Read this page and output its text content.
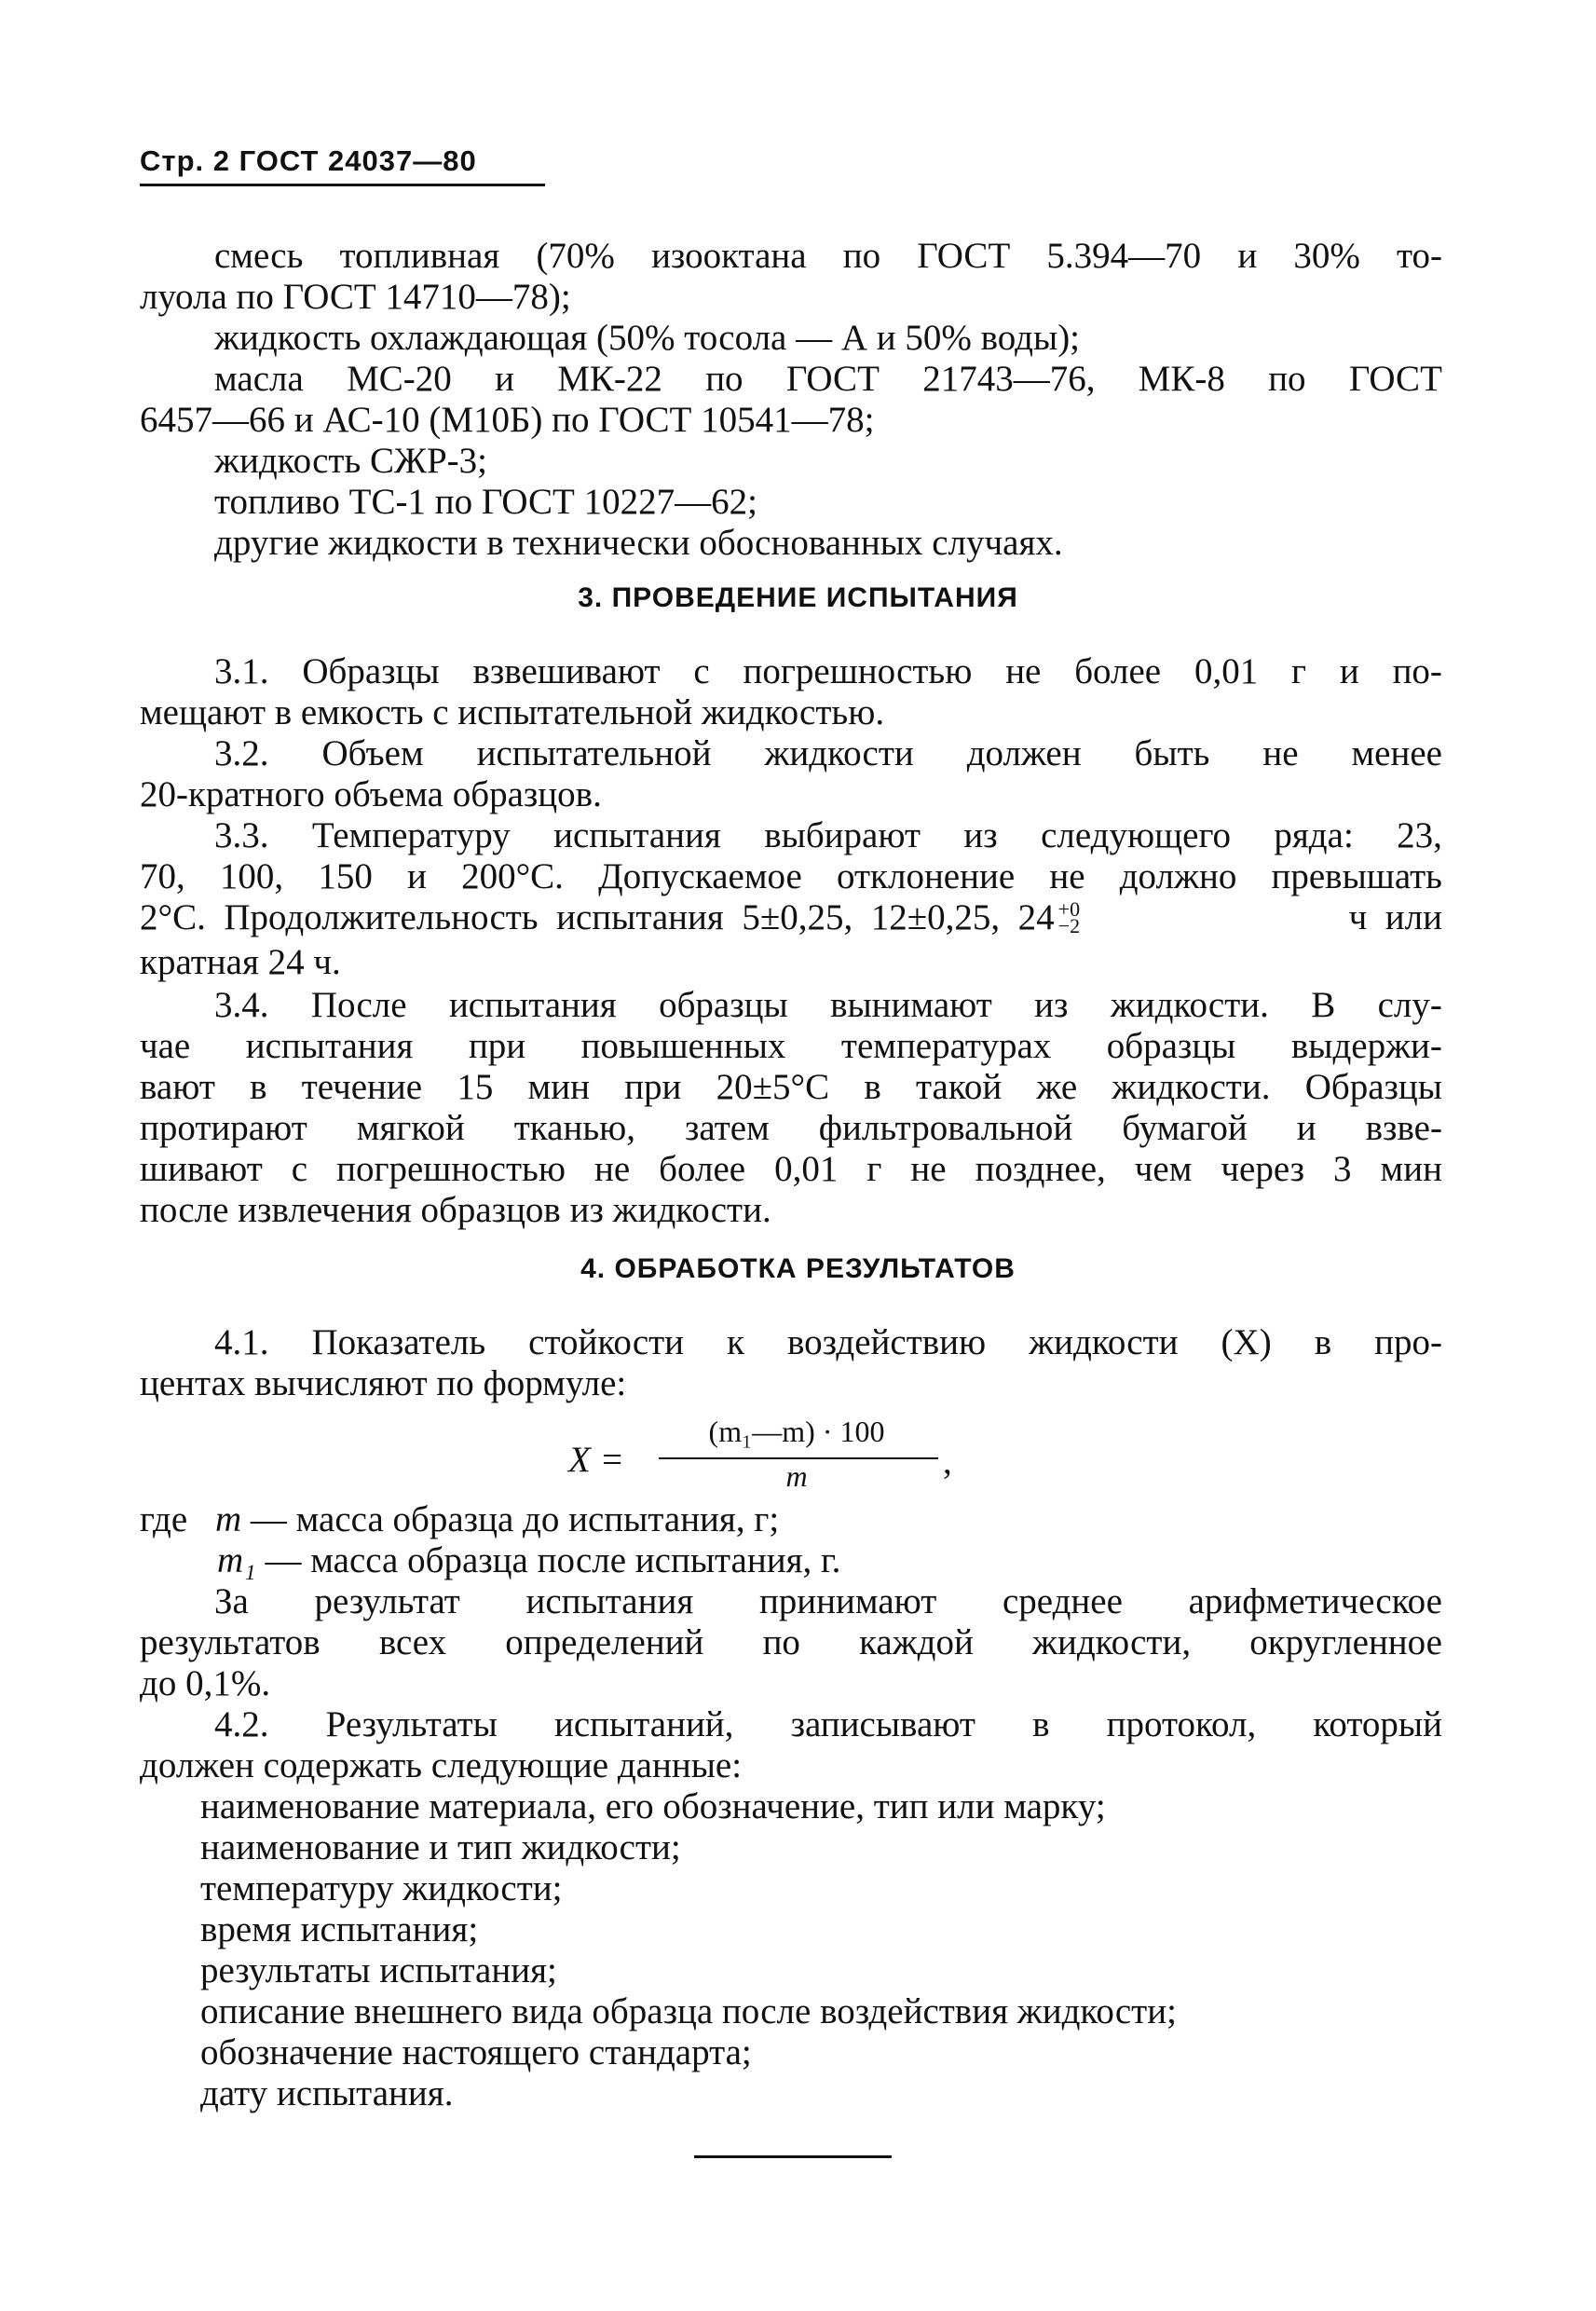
Стр. 2 ГОСТ 24037—80
смесь топливная (70% изооктана по ГОСТ 5.394—70 и 30% то-
луола по ГОСТ 14710—78);
жидкость охлаждающая (50% тосола — А и 50% воды);
масла МС-20 и МК-22 по ГОСТ 21743—76, МК-8 по ГОСТ
6457—66 и АС-10 (М10Б) по ГОСТ 10541—78;
жидкость СЖР-3;
топливо ТС-1 по ГОСТ 10227—62;
другие жидкости в технически обоснованных случаях.
3. ПРОВЕДЕНИЕ ИСПЫТАНИЯ
3.1. Образцы взвешивают с погрешностью не более 0,01 г и по-
мещают в емкость с испытательной жидкостью.
3.2. Объем испытательной жидкости должен быть не менее
20-кратного объема образцов.
3.3. Температуру испытания выбирают из следующего ряда: 23,
70, 100, 150 и 200°С. Допускаемое отклонение не должно превышать
2°С.  Продолжительность  испытания  5±0,25,  12±0,25,  24 +0
−2	ч  или
кратная 24 ч.
3.4. После испытания образцы вынимают из жидкости. В слу-
чае испытания при повышенных температурах образцы выдержи-
вают в течение 15 мин при 20±5°С в такой же жидкости. Образцы
протирают мягкой тканью, затем фильтровальной бумагой и взве-
шивают с погрешностью не более 0,01 г не позднее, чем через 3 мин
после извлечения образцов из жидкости.
4. ОБРАБОТКА РЕЗУЛЬТАТОВ
4.1. Показатель стойкости к воздействию жидкости (X) в про-
центах вычисляют по формуле:
X =
(m₁—m) · 100
m	,
где m — масса образца до испытания, г;
m₁ — масса образца после испытания, г.
За результат испытания принимают среднее арифметическое
результатов всех определений по каждой жидкости, округленное
до 0,1%.
4.2. Результаты испытаний, записывают в протокол, который
должен содержать следующие данные:
наименование материала, его обозначение, тип или марку;
наименование и тип жидкости;
температуру жидкости;
время испытания;
результаты испытания;
описание внешнего вида образца после воздействия жидкости;
обозначение настоящего стандарта;
дату испытания.
